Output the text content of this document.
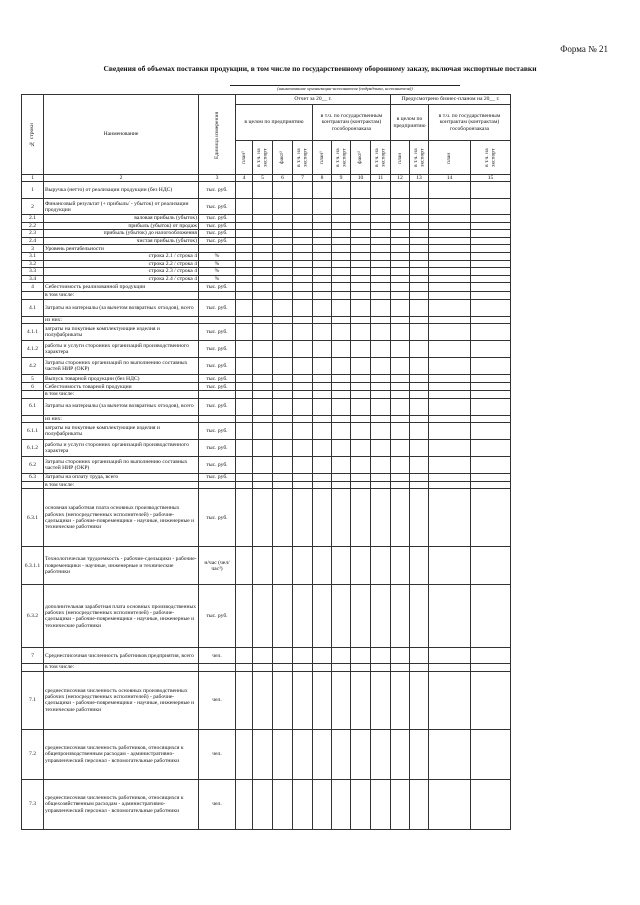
Форма № 21
Сведения об объемах поставки продукции, в том числе по государственному оборонному заказу, включая экспортные поставки
(наименование организации-исполнителя (подрядчика, исполнителя))
№ строки	Наименование	Единица измерения	Отчет за 20__ г.								Предусмотрено бизнес-планом на 20__ г.			
			в целом по предприятию				в т.ч. по государственным контрактам (контрактам) гособоронзаказа				в целом по предприятию		в т.ч. по государственным контрактам (контрактам) гособоронзаказа	

			план¹	в т.ч. на экспорт	факт²	в т.ч. на экспорт	план¹	в т.ч. на экспорт	факт²	в т.ч. на экспорт	план	в т.ч. на экспорт	план	в т.ч. на экспорт

1	2	3	4	5	6	7	8	9	10	11	12	13	14	15
1	Выручка (нетто) от реализации продукции (без НДС)	тыс. руб.												
2	Финансовый результат (+ прибыль/ - убыток) от реализации продукции	тыс. руб.												
2.1	валовая прибыль (убыток)	тыс. руб.												
2.2	прибыль (убыток) от продаж	тыс. руб.												
2.3	прибыль (убыток) до налогообложения	тыс. руб.												
2.4	чистая прибыль (убыток)	тыс. руб.												
3	Уровень рентабельности													
3.1	строка 2.1 / строка 4	%												
3.2	строка 2.2 / строка 4	%												
3.3	строка 2.3 / строка 4	%												
3.4	строка 2.4 / строка 4	%												
4	Себестоимость реализованной продукции	тыс. руб.												
	в том числе:													
4.1	Затраты на материалы (за вычетом возвратных отходов), всего	тыс. руб.												
	из них:													
4.1.1	затраты на покупные комплектующие изделия и полуфабрикаты	тыс. руб.												
4.1.2	работы и услуги сторонних организаций производственного характера	тыс. руб.												
4.2	Затраты сторонних организаций по выполнению составных частей НИР (ОКР)	тыс. руб.												
5	Выпуск товарной продукции (без НДС)	тыс. руб.												
6	Себестоимость товарной продукции	тыс. руб.												
	в том числе:													
6.1	Затраты на материалы (за вычетом возвратных отходов), всего	тыс. руб.												
	из них:													
6.1.1	затраты на покупные комплектующие изделия и полуфабрикаты	тыс. руб.												
6.1.2	работы и услуги сторонних организаций производственного характера	тыс. руб.												
6.2	Затраты сторонних организаций по выполнению составных частей НИР (ОКР)	тыс. руб.												
6.3	Затраты на оплату труда, всего	тыс. руб.												
	в том числе:													
6.3.1	основная заработная плата основных производственных рабочих (непосредственных исполнителей) - рабочие-сдельщики - рабочие-повременщики - научные, инженерные и технические работники	тыс. руб.												
6.3.1.1	Технологическая трудоемкость - рабочие-сдельщики - рабочие-повременщики - научные, инженерные и технические работники	н/час (чел/час³)												
6.3.2	дополнительная заработная плата основных производственных рабочих (непосредственных исполнителей) - рабочие-сдельщики - рабочие-повременщики - научные, инженерные и технические работники	тыс. руб.												
7	Среднесписочная численность работников предприятия, всего	чел.												
	в том числе:													
7.1	среднесписочная численность основных производственных рабочих (непосредственных исполнителей) - рабочие-сдельщики - рабочие-повременщики - научные, инженерные и технические работники	чел.												
7.2	среднесписочная численность работников, относящихся к общепроизводственным расходам - административно-управленческий персонал - вспомогательные работники	чел.												
7.3	среднесписочная численность работников, относящихся к общехозяйственным расходам - административно-управленческий персонал - вспомогательные работники	чел.												
